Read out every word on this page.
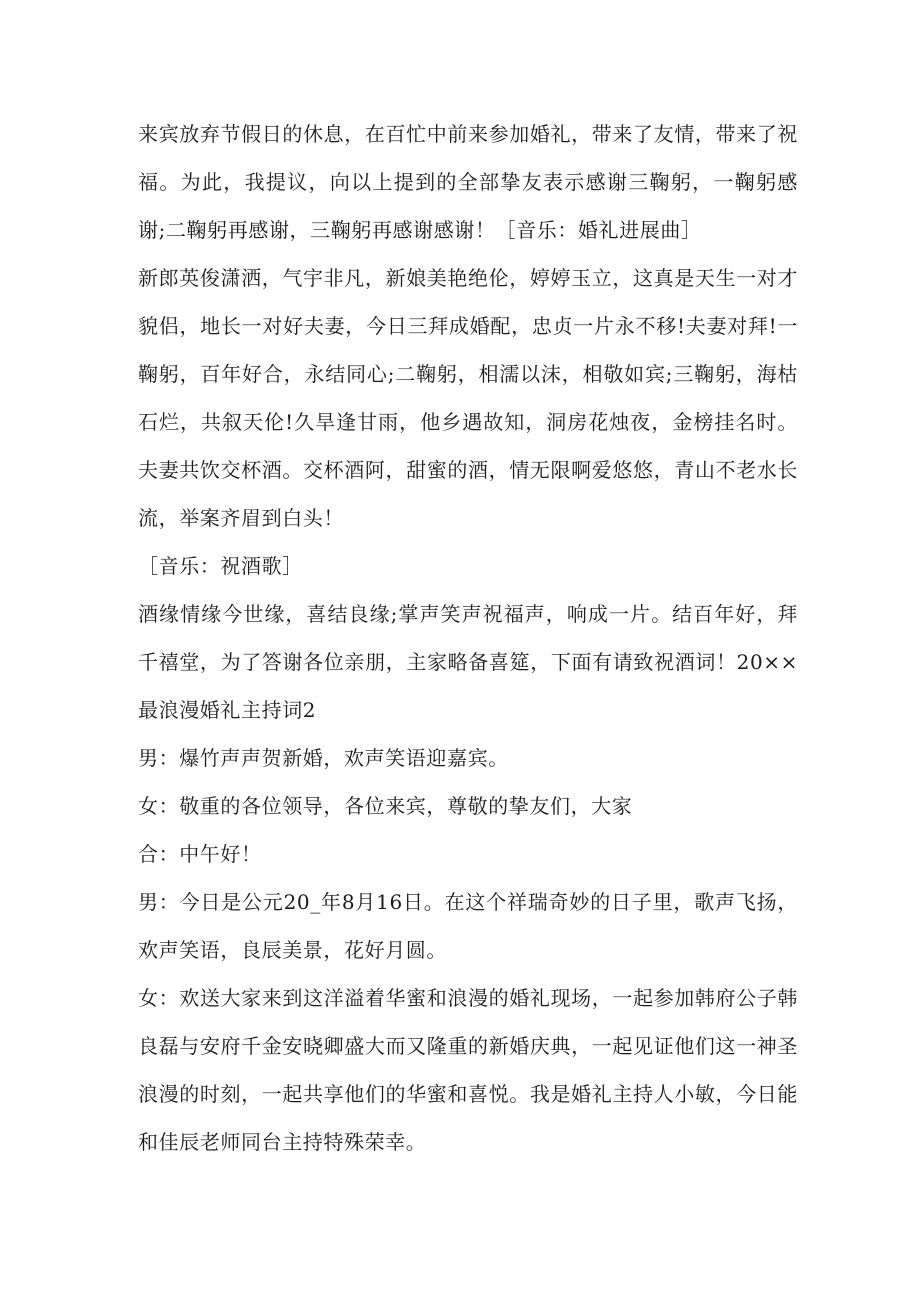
来宾放弃节假日的休息，在百忙中前来参加婚礼，带来了友情，带来了祝福。为此，我提议，向以上提到的全部挚友表示感谢三鞠躬，一鞠躬感谢;二鞠躬再感谢，三鞠躬再感谢感谢！［音乐：婚礼进展曲］

新郎英俊潇洒，气宇非凡，新娘美艳绝伦，婷婷玉立，这真是天生一对才貌侣，地长一对好夫妻，今日三拜成婚配，忠贞一片永不移!夫妻对拜!一鞠躬，百年好合，永结同心;二鞠躬，相濡以沫，相敬如宾;三鞠躬，海枯石烂，共叙天伦!久旱逢甘雨，他乡遇故知，洞房花烛夜，金榜挂名时。夫妻共饮交杯酒。交杯酒阿，甜蜜的酒，情无限啊爱悠悠，青山不老水长流，举案齐眉到白头！

［音乐：祝酒歌］

酒缘情缘今世缘，喜结良缘;掌声笑声祝福声，响成一片。结百年好，拜千禧堂，为了答谢各位亲朋，主家略备喜筵，下面有请致祝酒词！20××最浪漫婚礼主持词2

男：爆竹声声贺新婚，欢声笑语迎嘉宾。

女：敬重的各位领导，各位来宾，尊敬的挚友们，大家

合：中午好！

男：今日是公元20_年8月16日。在这个祥瑞奇妙的日子里，歌声飞扬，欢声笑语，良辰美景，花好月圆。

女：欢送大家来到这洋溢着华蜜和浪漫的婚礼现场，一起参加韩府公子韩良磊与安府千金安晓卿盛大而又隆重的新婚庆典，一起见证他们这一神圣浪漫的时刻，一起共享他们的华蜜和喜悦。我是婚礼主持人小敏，今日能和佳辰老师同台主持特殊荣幸。
